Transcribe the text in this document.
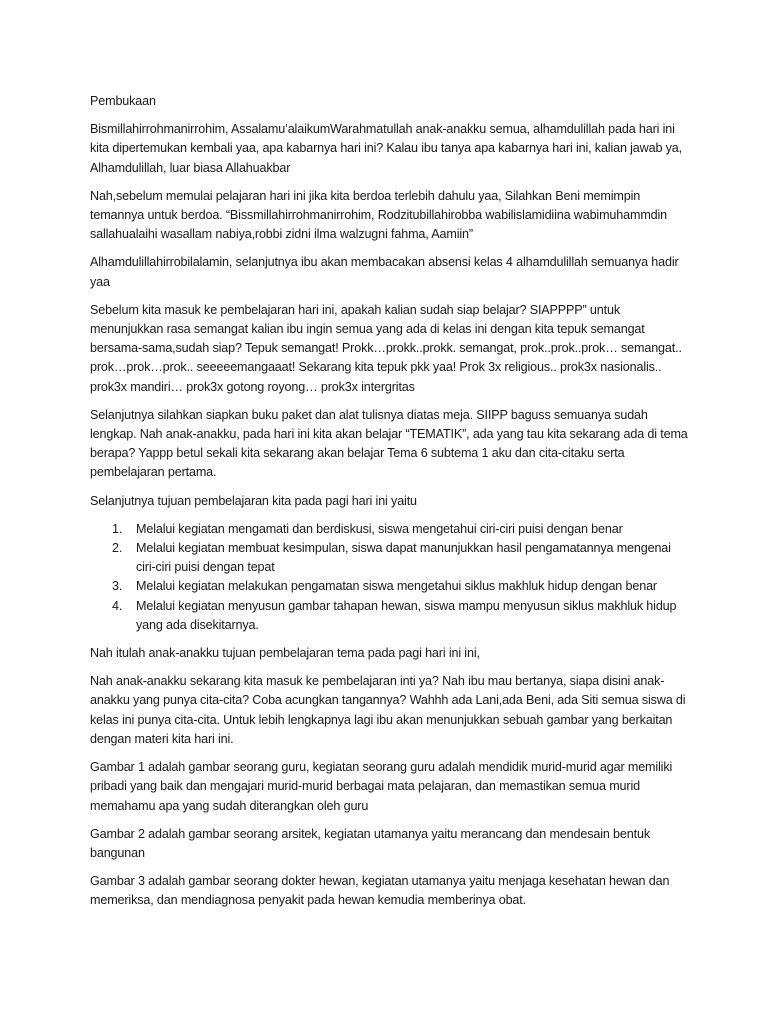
Pembukaan

Bismillahirrohmanirrohim, Assalamu’alaikumWarahmatullah anak-anakku semua, alhamdulillah pada hari ini kita dipertemukan kembali yaa, apa kabarnya hari ini? Kalau ibu tanya apa kabarnya hari ini, kalian jawab ya, Alhamdulillah, luar biasa Allahuakbar

Nah,sebelum memulai pelajaran hari ini jika kita berdoa terlebih dahulu yaa, Silahkan Beni memimpin temannya untuk berdoa. “Bissmillahirrohmanirrohim, Rodzitubillahirobba wabilislamidiina wabimuhammdin sallahualaihi wasallam nabiya,robbi zidni ilma walzugni fahma, Aamiin”

Alhamdulillahirrobilalamin, selanjutnya ibu akan membacakan absensi kelas 4 alhamdulillah semuanya hadir yaa

Sebelum kita masuk ke pembelajaran hari ini, apakah kalian sudah siap belajar? SIAPPPP” untuk menunjukkan rasa semangat kalian ibu ingin semua yang ada di kelas ini dengan kita tepuk semangat bersama-sama,sudah siap? Tepuk semangat! Prokk…prokk..prokk. semangat, prok..prok..prok… semangat.. prok…prok…prok.. seeeeemangaaat! Sekarang kita tepuk pkk yaa! Prok 3x religious.. prok3x nasionalis.. prok3x mandiri… prok3x gotong royong… prok3x intergritas

Selanjutnya silahkan siapkan buku paket dan alat tulisnya diatas meja. SIIPP baguss semuanya sudah lengkap. Nah anak-anakku, pada hari ini kita akan belajar “TEMATIK”, ada yang tau kita sekarang ada di tema berapa? Yappp betul sekali kita sekarang akan belajar Tema 6 subtema 1 aku dan cita-citaku serta pembelajaran pertama.

Selanjutnya tujuan pembelajaran kita pada pagi hari ini yaitu

1.	Melalui kegiatan mengamati dan berdiskusi, siswa mengetahui ciri-ciri puisi dengan benar
2.	Melalui kegiatan membuat kesimpulan, siswa dapat manunjukkan hasil pengamatannya mengenai ciri-ciri puisi dengan tepat
3.	Melalui kegiatan melakukan pengamatan siswa mengetahui siklus makhluk hidup dengan benar
4.	Melalui kegiatan menyusun gambar tahapan hewan, siswa mampu menyusun siklus makhluk hidup yang ada disekitarnya.

Nah itulah anak-anakku tujuan pembelajaran tema pada pagi hari ini ini,

Nah anak-anakku sekarang kita masuk ke pembelajaran inti ya? Nah ibu mau bertanya, siapa disini anak-anakku yang punya cita-cita? Coba acungkan tangannya? Wahhh ada Lani,ada Beni, ada Siti semua siswa di kelas ini punya cita-cita. Untuk lebih lengkapnya lagi ibu akan menunjukkan sebuah gambar yang berkaitan dengan materi kita hari ini.

Gambar 1 adalah gambar seorang guru, kegiatan seorang guru adalah mendidik murid-murid agar memiliki pribadi yang baik dan mengajari murid-murid berbagai mata pelajaran, dan memastikan semua murid memahamu apa yang sudah diterangkan oleh guru

Gambar 2 adalah gambar seorang arsitek, kegiatan utamanya yaitu merancang dan mendesain bentuk bangunan

Gambar 3 adalah gambar seorang dokter hewan, kegiatan utamanya yaitu menjaga kesehatan hewan dan memeriksa, dan mendiagnosa penyakit pada hewan kemudia memberinya obat.
